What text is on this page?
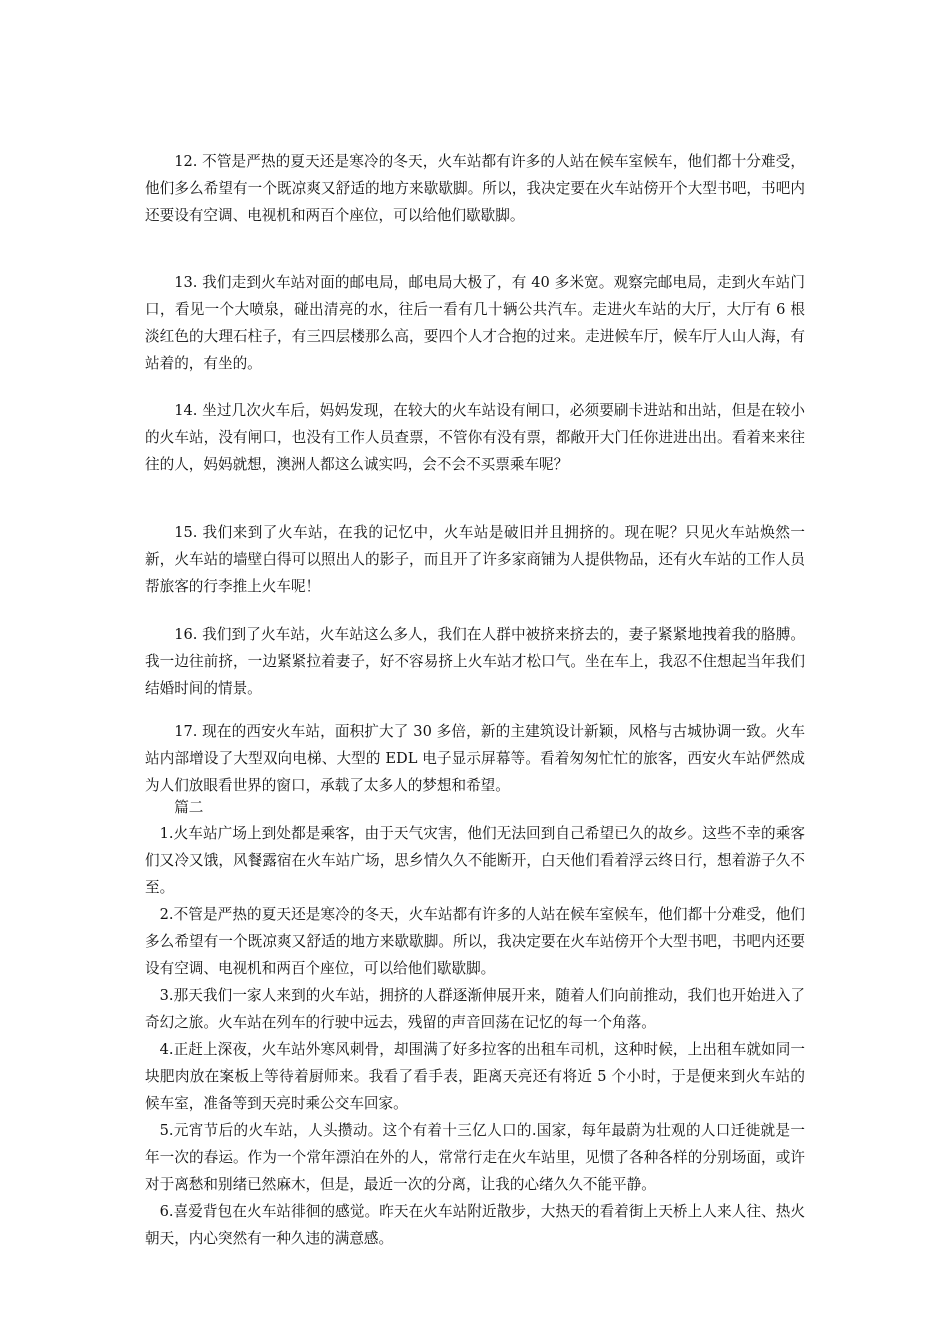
12. 不管是严热的夏天还是寒冷的冬天，火车站都有许多的人站在候车室候车，他们都十分难受，他们多么希望有一个既凉爽又舒适的地方来歇歇脚。所以，我决定要在火车站傍开个大型书吧，书吧内还要设有空调、电视机和两百个座位，可以给他们歇歇脚。

13. 我们走到火车站对面的邮电局，邮电局大极了，有 40 多米宽。观察完邮电局，走到火车站门口，看见一个大喷泉，碰出清亮的水，往后一看有几十辆公共汽车。走进火车站的大厅，大厅有 6 根淡红色的大理石柱子，有三四层楼那么高，要四个人才合抱的过来。走进候车厅，候车厅人山人海，有站着的，有坐的。

14. 坐过几次火车后，妈妈发现，在较大的火车站设有闸口，必须要刷卡进站和出站，但是在较小的火车站，没有闸口，也没有工作人员查票，不管你有没有票，都敞开大门任你进进出出。看着来来往往的人，妈妈就想，澳洲人都这么诚实吗，会不会不买票乘车呢？

15. 我们来到了火车站，在我的记忆中，火车站是破旧并且拥挤的。现在呢？只见火车站焕然一新，火车站的墙壁白得可以照出人的影子，而且开了许多家商铺为人提供物品，还有火车站的工作人员帮旅客的行李推上火车呢！

16. 我们到了火车站，火车站这么多人，我们在人群中被挤来挤去的，妻子紧紧地拽着我的胳膊。我一边往前挤，一边紧紧拉着妻子，好不容易挤上火车站才松口气。坐在车上，我忍不住想起当年我们结婚时间的情景。

17. 现在的西安火车站，面积扩大了 30 多倍，新的主建筑设计新颖，风格与古城协调一致。火车站内部增设了大型双向电梯、大型的 EDL 电子显示屏幕等。看着匆匆忙忙的旅客，西安火车站俨然成为人们放眼看世界的窗口，承载了太多人的梦想和希望。

篇二

1.火车站广场上到处都是乘客，由于天气灾害，他们无法回到自己希望已久的故乡。这些不幸的乘客们又冷又饿，风餐露宿在火车站广场，思乡情久久不能断开，白天他们看着浮云终日行，想着游子久不至。

2.不管是严热的夏天还是寒冷的冬天，火车站都有许多的人站在候车室候车，他们都十分难受，他们多么希望有一个既凉爽又舒适的地方来歇歇脚。所以，我决定要在火车站傍开个大型书吧，书吧内还要设有空调、电视机和两百个座位，可以给他们歇歇脚。

3.那天我们一家人来到的火车站，拥挤的人群逐渐伸展开来，随着人们向前推动，我们也开始进入了奇幻之旅。火车站在列车的行驶中远去，残留的声音回荡在记忆的每一个角落。

4.正赶上深夜，火车站外寒风刺骨，却围满了好多拉客的出租车司机，这种时候，上出租车就如同一块肥肉放在案板上等待着厨师来。我看了看手表，距离天亮还有将近 5 个小时，于是便来到火车站的候车室，准备等到天亮时乘公交车回家。

5.元宵节后的火车站，人头攒动。这个有着十三亿人口的.国家，每年最蔚为壮观的人口迁徙就是一年一次的春运。作为一个常年漂泊在外的人，常常行走在火车站里，见惯了各种各样的分别场面，或许对于离愁和别绪已然麻木，但是，最近一次的分离，让我的心绪久久不能平静。

6.喜爱背包在火车站徘徊的感觉。昨天在火车站附近散步，大热天的看着街上天桥上人来人往、热火朝天，内心突然有一种久违的满意感。
